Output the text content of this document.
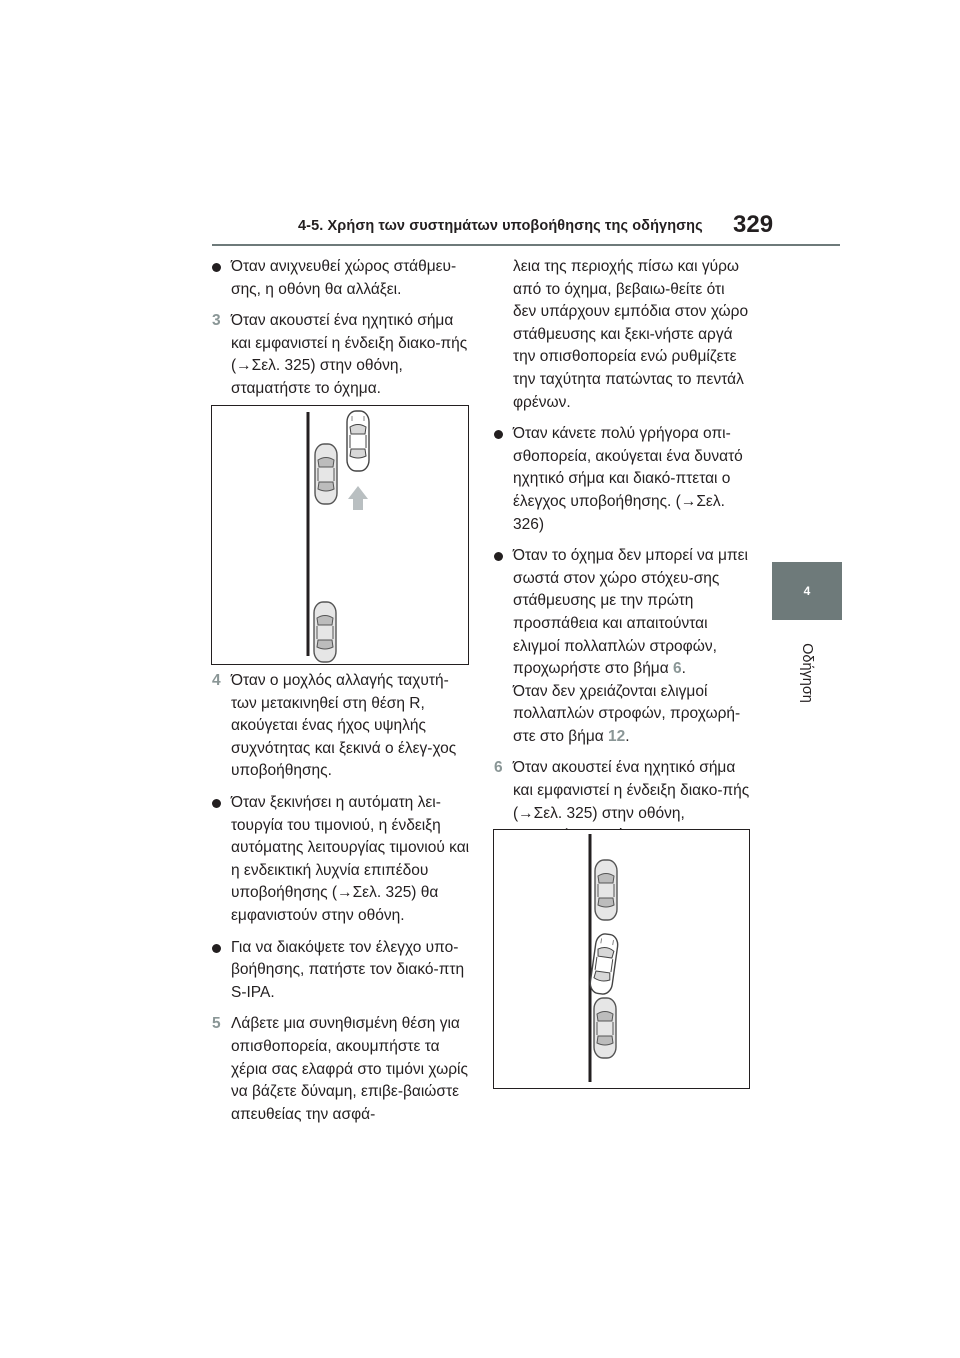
4-5. Χρήση των συστημάτων υποβοήθησης της οδήγησης 329
4
Οδήγηση
Όταν ανιχνευθεί χώρος στάθμευ-σης, η οθόνη θα αλλάξει.
3 Όταν ακουστεί ένα ηχητικό σήμα και εμφανιστεί η ένδειξη διακο-πής (→Σελ. 325) στην οθόνη, σταματήστε το όχημα.
4 Όταν ο μοχλός αλλαγής ταχυτή-των μετακινηθεί στη θέση R, ακούγεται ένας ήχος υψηλής συχνότητας και ξεκινά ο έλεγ-χος υποβοήθησης.
Όταν ξεκινήσει η αυτόματη λει-τουργία του τιμονιού, η ένδειξη αυτόματης λειτουργίας τιμονιού και η ενδεικτική λυχνία επιπέδου υποβοήθησης (→Σελ. 325) θα εμφανιστούν στην οθόνη.
Για να διακόψετε τον έλεγχο υπο-βοήθησης, πατήστε τον διακό-πτη S-IPA.
5 Λάβετε μια συνηθισμένη θέση για οπισθοπορεία, ακουμπήστε τα χέρια σας ελαφρά στο τιμόνι χωρίς να βάζετε δύναμη, επιβε-βαιώστε απευθείας την ασφά-
λεια της περιοχής πίσω και γύρω από το όχημα, βεβαιω-θείτε ότι δεν υπάρχουν εμπόδια στον χώρο στάθμευσης και ξεκι-νήστε αργά την οπισθοπορεία ενώ ρυθμίζετε την ταχύτητα πατώντας το πεντάλ φρένων.
Όταν κάνετε πολύ γρήγορα οπι-σθοπορεία, ακούγεται ένα δυνατό ηχητικό σήμα και διακό-πτεται ο έλεγχος υποβοήθησης. (→Σελ. 326)
Όταν το όχημα δεν μπορεί να μπει σωστά στον χώρο στόχευ-σης στάθμευσης με την πρώτη προσπάθεια και απαιτούνται ελιγμοί πολλαπλών στροφών, προχωρήστε στο βήμα 6.
Όταν δεν χρειάζονται ελιγμοί πολλαπλών στροφών, προχωρή-στε στο βήμα 12.
6 Όταν ακουστεί ένα ηχητικό σήμα και εμφανιστεί η ένδειξη διακο-πής (→Σελ. 325) στην οθόνη,
